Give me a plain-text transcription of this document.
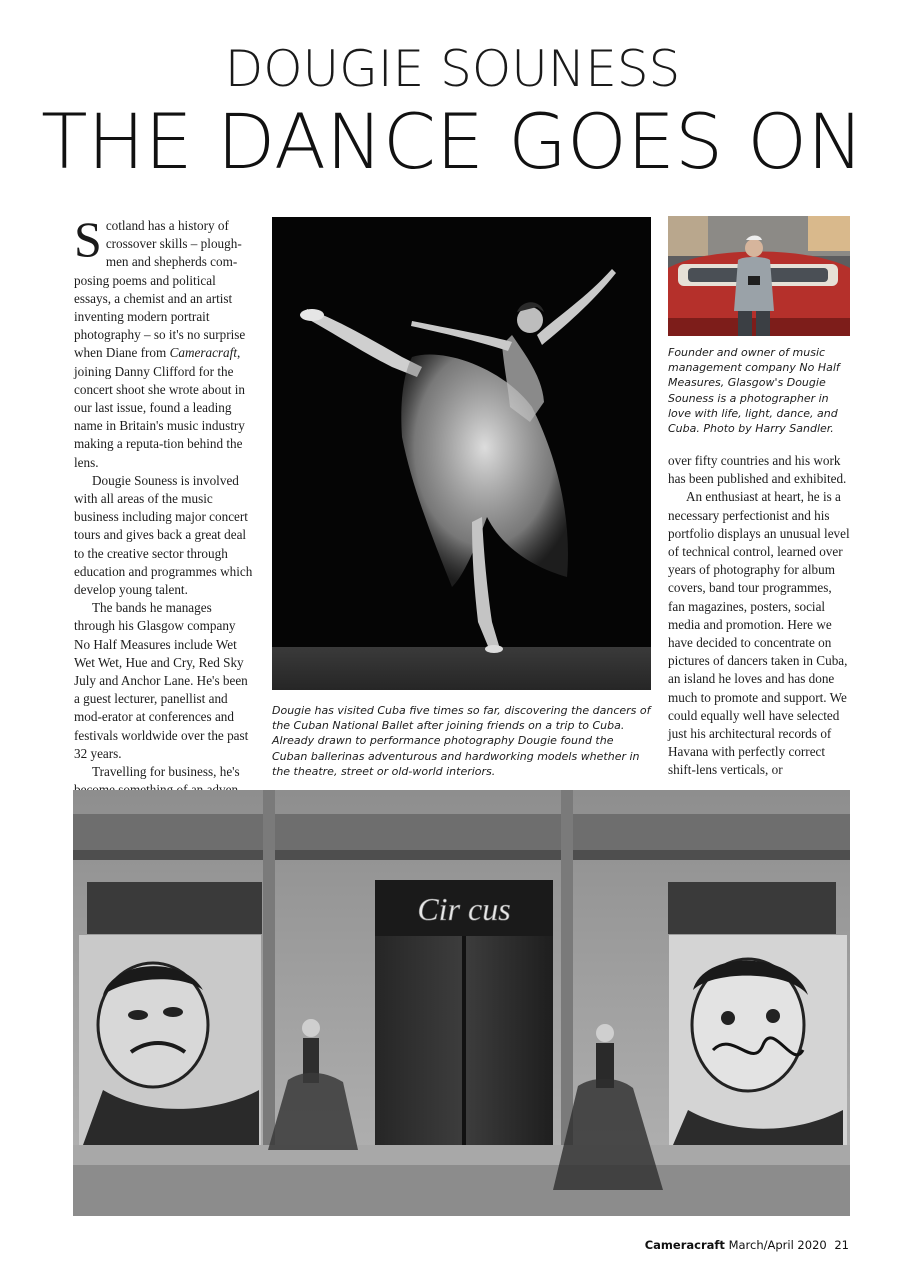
DOUGIE SOUNESS
THE DANCE GOES ON

Scotland has a history of crossover skills – plough-men and shepherds com-posing poems and political essays, a chemist and an artist inventing modern portrait photography – so it's no surprise when Diane from Cameracraft, joining Danny Clifford for the concert shoot she wrote about in our last issue, found a leading name in Britain's music industry making a reputa-tion behind the lens.

Dougie Souness is involved with all areas of the music business including major concert tours and gives back a great deal to the creative sector through education and programmes which develop young talent.

The bands he manages through his Glasgow company No Half Measures include Wet Wet Wet, Hue and Cry, Red Sky July and Anchor Lane. He's been a guest lecturer, panellist and mod-erator at conferences and festivals worldwide over the past 32 years.

Travelling for business, he's

Dougie has visited Cuba five times so far, discovering the dancers of the Cuban National Ballet after joining friends on a trip to Cuba. Already drawn to performance photography Dougie found the Cuban ballerinas adventurous and hardworking models whether in the theatre, street or old-world interiors.
Founder and owner of music management company No Half Measures, Glasgow's Dougie Souness is a photographer in love with life, light, dance, and Cuba. Photo by Harry Sandler.

over fifty countries and his work has been published and exhibited.

An enthusiast at heart, he is a necessary perfectionist and his portfolio displays an unusual level of technical control, learned over years of photography for album covers, band tour programmes, fan magazines, posters, social media and promotion. Here we have decided to concentrate on pictures of dancers taken in Cuba, an island he loves and has done much to promote and support. We could equally well have selected just his architectural records of Havana with perfectly correct shift-lens verticals, or

Cir cus
Cameracraft March/April 2020 21
